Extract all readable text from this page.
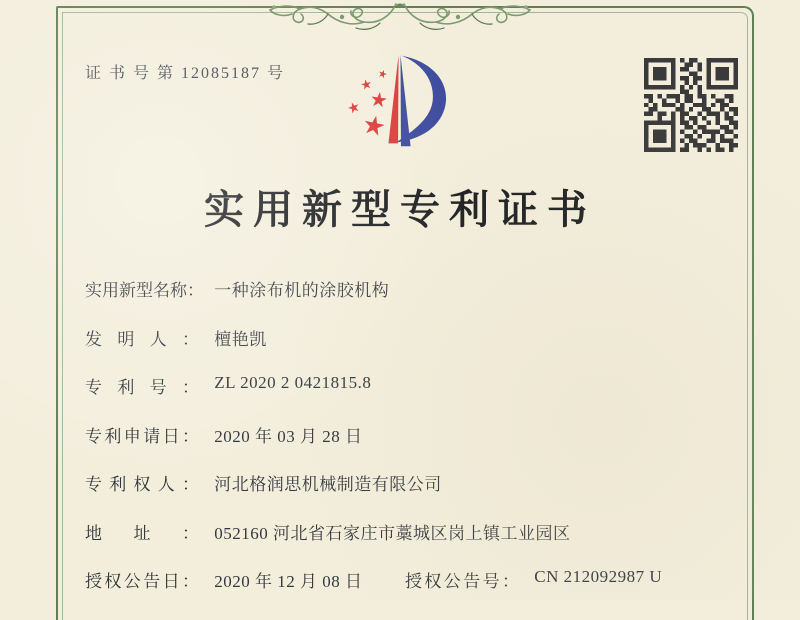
证 书 号 第 12085187 号
实用新型专利证书
实用新型名称： 一种涂布机的涂胶机构
发明人： 檀艳凯
专利号： ZL 2020 2 0421815.8
专利申请日： 2020 年 03 月 28 日
专利权人： 河北格润思机械制造有限公司
地址： 052160 河北省石家庄市藁城区岗上镇工业园区
授权公告日： 2020 年 12 月 08 日	授权公告号： CN 212092987 U
